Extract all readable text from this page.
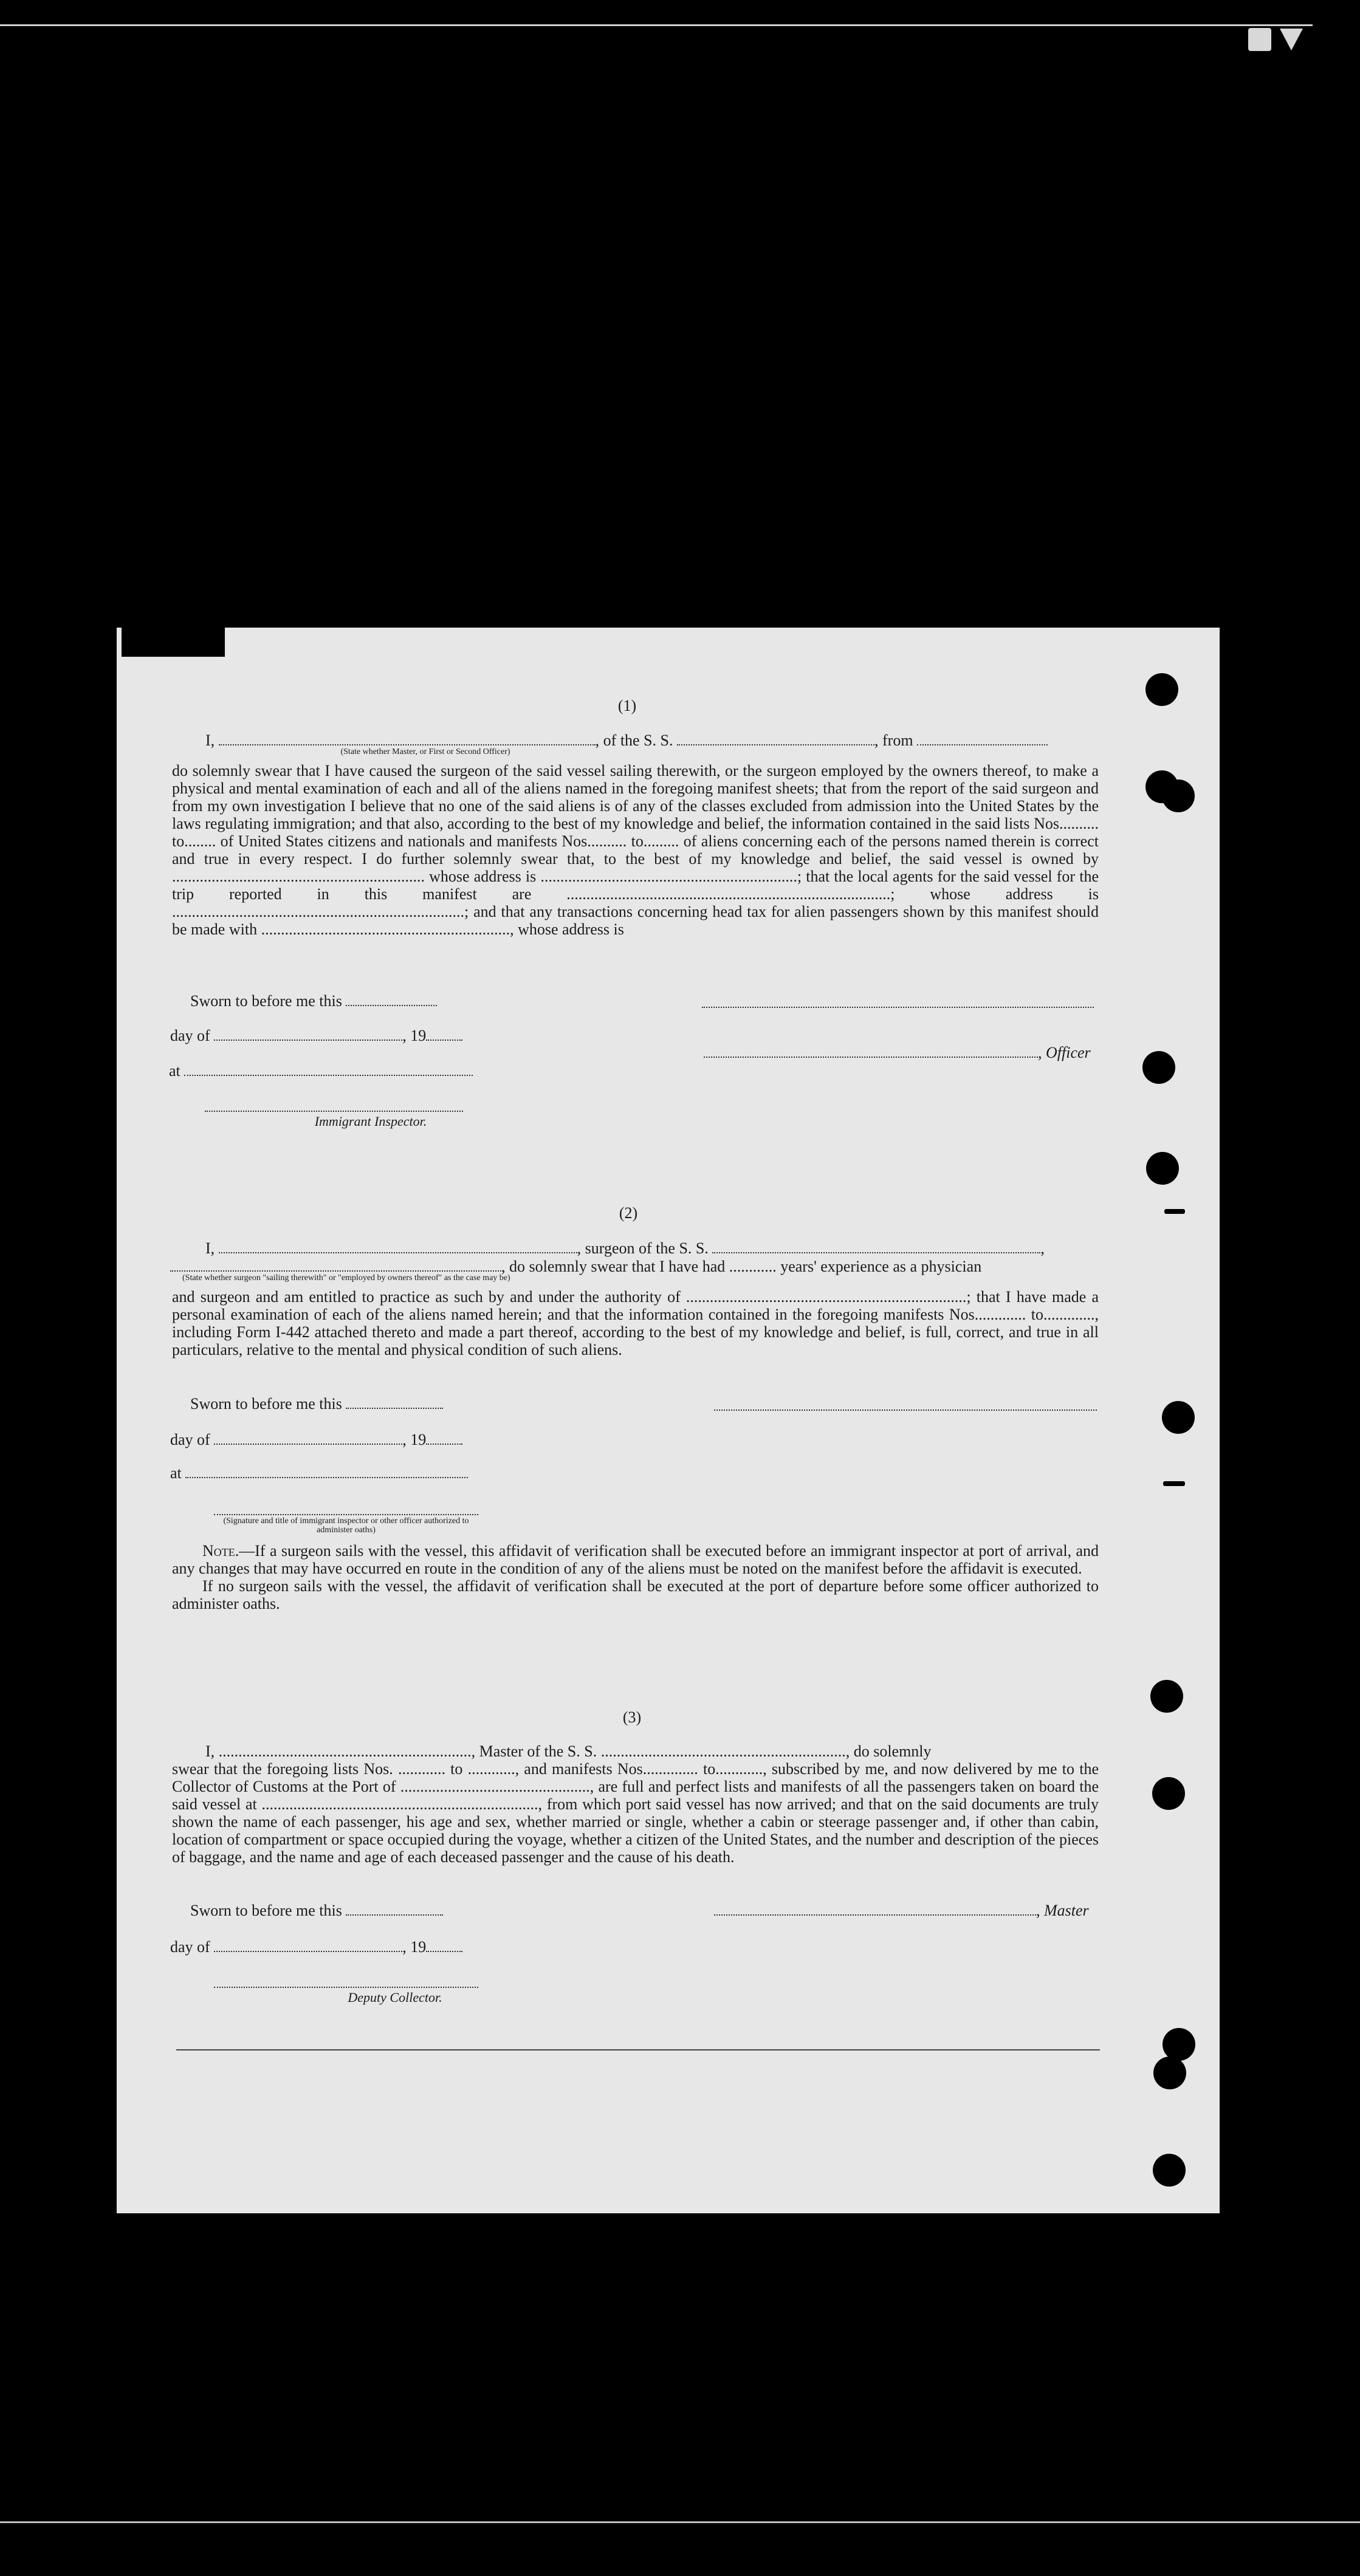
(1)
I,	, of the S. S.	, from
(State whether Master, or First or Second Officer)

do solemnly swear that I have caused the surgeon of the said vessel sailing therewith, or the surgeon employed by the owners thereof, to make a physical and mental examination of each and all of the aliens named in the foregoing manifest sheets; that from the report of the said surgeon and from my own investigation I believe that no one of the said aliens is of any of the classes excluded from admission into the United States by the laws regulating immigration; and that also, according to the best of my knowledge and belief, the information contained in the said lists Nos.......... to........ of United States citizens and nationals and manifests Nos.......... to......... of aliens concerning each of the persons named therein is correct and true in every respect. I do further solemnly swear that, to the best of my knowledge and belief, the said vessel is owned by ................................................................ whose address is .................................................................; that the local agents for the said vessel for the trip reported in this manifest are ..................................................................................; whose address is ..........................................................................; and that any transactions concerning head tax for alien passengers shown by this manifest should be made with ..............................................................., whose address is

Sworn to before me this
day of	, 19
, Officer
at
Immigrant Inspector.
(2)
I,	, surgeon of the S. S.	,
, do solemnly swear that I have had ............ years' experience as a physician
(State whether surgeon "sailing therewith" or "employed by owners thereof" as the case may be)

and surgeon and am entitled to practice as such by and under the authority of .......................................................................; that I have made a personal examination of each of the aliens named herein; and that the information contained in the foregoing manifests Nos............. to............., including Form I-442 attached thereto and made a part thereof, according to the best of my knowledge and belief, is full, correct, and true in all particulars, relative to the mental and physical condition of such aliens.

Sworn to before me this
day of	, 19
at
(Signature and title of immigrant inspector or other officer authorized to administer oaths)

Note.—If a surgeon sails with the vessel, this affidavit of verification shall be executed before an immigrant inspector at port of arrival, and any changes that may have occurred en route in the condition of any of the aliens must be noted on the manifest before the affidavit is executed.

If no surgeon sails with the vessel, the affidavit of verification shall be executed at the port of departure before some officer authorized to administer oaths.

(3)

I, ................................................................, Master of the S. S. .............................................................., do solemnly

swear that the foregoing lists Nos. ............ to ............, and manifests Nos.............. to............, subscribed by me, and now delivered by me to the Collector of Customs at the Port of ................................................, are full and perfect lists and manifests of all the passengers taken on board the said vessel at ......................................................................, from which port said vessel has now arrived; and that on the said documents are truly shown the name of each passenger, his age and sex, whether married or single, whether a cabin or steerage passenger and, if other than cabin, location of compartment or space occupied during the voyage, whether a citizen of the United States, and the number and description of the pieces of baggage, and the name and age of each deceased passenger and the cause of his death.

Sworn to before me this	, Master
day of	, 19
Deputy Collector.
